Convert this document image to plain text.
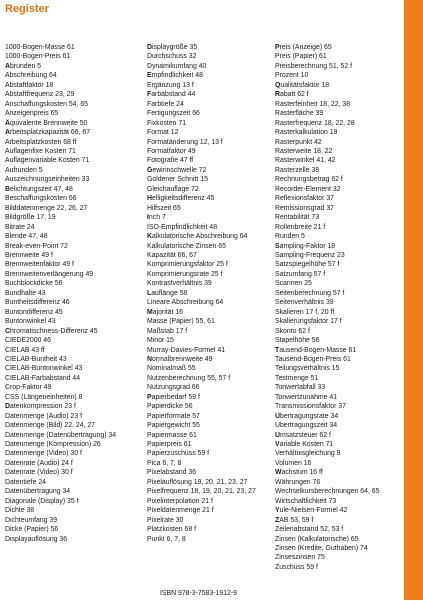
Register
1000-Bogen-Masse 61
1000-Bogen-Preis 61
Abrunden 5
Abschreibung 64
Abstaftfaktor 18
Abstaftfrequenz 23, 29
Anschaffungskosten 54, 65
Anzeigenpreis 65
Äquivalente Brennweite 50
Arbeitsplatzkapazität 66, 67
Arbeitsplatzkosten 68 ff
Auflagenfixe Kosten 71
Auflagenvariable Kosten 71
Aufrunden 5
Auszeichnungseinheiten 33
Belichtungszeit 47, 48
Beschaffungskosten 66
Bilddatenmenge 22, 26, 27
Bildgröße 17, 19
Bitrate 24
Blende 47, 48
Break-even-Point 72
Brennweite 49 f
Brennweitenfaktor 49 f
Brennweitenverlängerung 49
Buchblockdicke 56
Bundhalte 43
Buntheitsdifferenz 46
Buntondifferenz 45
Buntonwinkel 43
Chromatischness-Differenz 45
CIEDE2000 46
CIELAB 43 ff
CIELAB-Buntheit 43
CIELAB-Buntonwinkel 43
CIELAB-Farbabstand 44
Crop-Faktor 49
CSS (Längeneinheiten) 8
Datenkompression 23 f
Datenmenge (Audio) 23 f
Datenmenge (Bild) 22, 24, 27
Datenmenge (Datenübertragung) 34
Datenmenge (Kompression) 26
Datenmenge (Video) 30 f
Datenrate (Audio) 24 f
Datenrate (Video) 30 f
Datentiefe 24
Datenübertragung 34
Diagonale (Display) 35 f
Dichte 38
Dichteumfang 39
Dicke (Papier) 56
Displayauflösung 36
Displaygröße 35
Durchschuss 32
Dynamikumfang 40
Empfindlichkeit 48
Ergänzung 13 f
Farbabstand 44
Farbtiefe 24
Fertigungszeit 66
Fixkosten 71
Format 12
Formatänderung 12, 13 f
Formatfaktor 49
Fotografie 47 ff
Gewinnschwelle 72
Goldener Schnitt 15
Gleichauflage 72
Helligkeitsdifferenz 45
Hilfszeit 65
Inch 7
ISO-Empfindlichkeit 48
Kalkulatorische Abschreibung 64
Kalkulatorische Zinsen 65
Kapazität 66, 67
Komprimierungsfaktor 25 f
Komprimierungsrate 25 f
Kontrastverhältnis 39
Lauflänge 58
Lineare Abschreibung 64
Majorität 16
Masse (Papier) 55, 61
Maßstab 17 f
Minor 15
Murray-Davies-Formel 41
Normalbrennweite 49
Nominalmaß 55
Nutzenberechnung 55, 57 f
Nutzungsgrad 66
Papierbedarf 59 f
Papierdicke 56
Papierformate 57
Papiergewicht 55
Papiermasse 61
Papierpreis 61
Papierzuschuss 59 f
Pica 6, 7, 8
Pixelabstand 36
Pixelauflösung 19, 20, 21, 23, 27
Pixelfrequenz 18, 19, 20, 21, 23, 27
Pixelinterpolation 21 f
Pixeldatenmenge 21 f
Pixelrate 30
Platzkosten 68 f
Punkt 6, 7, 8
Preis (Anzeige) 65
Preis (Papier) 61
Preisberechnung 51, 52 f
Prozent 10
Qualitätsfaktor 18
Rabatt 62 f
Rasterfeinheit 18, 22, 38
Rasterfläche 39
Rasterfrequenz 18, 22, 28
Rasterkalkulation 19
Rasterpunkt 42
Rasterweite 18, 22
Rasterwinkel 41, 42
Rasterzelle 38
Rechnungsbetrag 62 f
Recorder-Element 32
Reflexionsfaktor 37
Remissionsgrad 37
Rentabilität 73
Rollenbreite 21 f
Runden 5
Sampling-Faktor 18
Sampling-Frequenz 23
Satzspiegelhöhe 57 f
Satzumfang 57 f
Scannen 25
Seitenberechnung 57 f
Seitenverhältnis 39
Skalieren 17 f, 20 ff
Skalierungsfaktor 17 f
Skonto 62 f
Stapelhöhe 56
Tausend-Bogen-Masse 61
Tausend-Bogen-Preis 61
Teilungsverhältnis 15
Testmenge 51
Tonwertabfall 33
Tonwertzunahme 41
Transmissionsfaktor 37
Übertragungsrate 34
Übertragungszeit 34
Umsatzsteuer 62 f
Variable Kosten 71
Verhältnisgleichung 9
Volumen 16
Wachstum 16 ff
Währungen 76
Wechselkursberechnungen 64, 65
Wirtschaftlichkeit 73
Yule-Nielsen-Formel 42
ZAB 53, 59 f
Zeilenabstand 52, 53 f
Zinsen (Kalkulatorische) 65
Zinsen (Kredite, Guthaben) 74
Zinseszinsen 75
Zuschuss 59 f
ISBN 978-3-7583-1912-9
